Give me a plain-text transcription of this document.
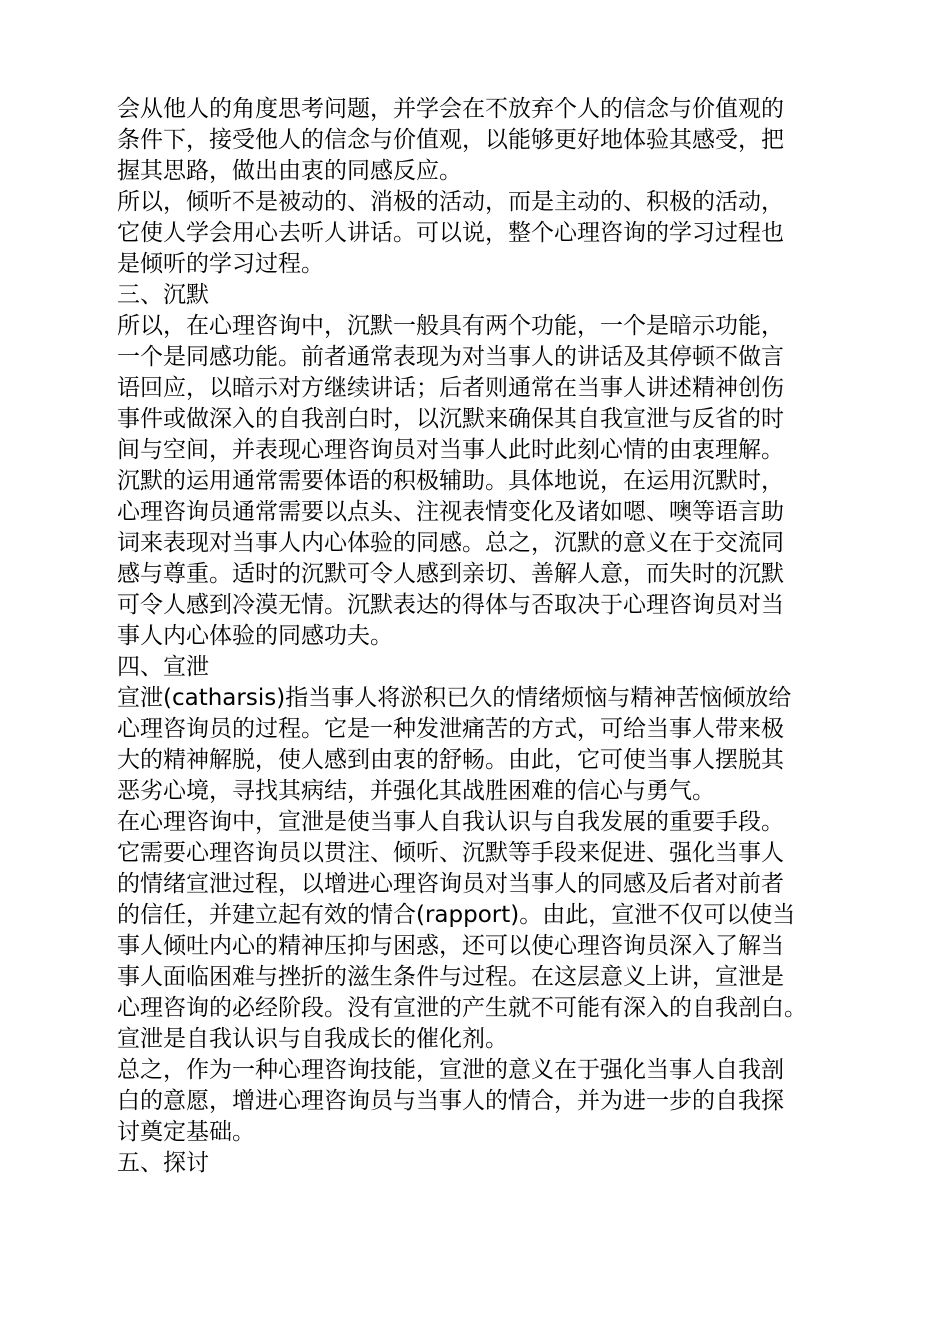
会从他人的角度思考问题，并学会在不放弃个人的信念与价值观的
条件下，接受他人的信念与价值观，以能够更好地体验其感受，把
握其思路，做出由衷的同感反应。
所以，倾听不是被动的、消极的活动，而是主动的、积极的活动，
它使人学会用心去听人讲话。可以说，整个心理咨询的学习过程也
是倾听的学习过程。
三、沉默
所以，在心理咨询中，沉默一般具有两个功能，一个是暗示功能，
一个是同感功能。前者通常表现为对当事人的讲话及其停顿不做言
语回应，以暗示对方继续讲话；后者则通常在当事人讲述精神创伤
事件或做深入的自我剖白时，以沉默来确保其自我宣泄与反省的时
间与空间，并表现心理咨询员对当事人此时此刻心情的由衷理解。
沉默的运用通常需要体语的积极辅助。具体地说，在运用沉默时，
心理咨询员通常需要以点头、注视表情变化及诸如嗯、噢等语言助
词来表现对当事人内心体验的同感。总之，沉默的意义在于交流同
感与尊重。适时的沉默可令人感到亲切、善解人意，而失时的沉默
可令人感到冷漠无情。沉默表达的得体与否取决于心理咨询员对当
事人内心体验的同感功夫。
四、宣泄
宣泄(catharsis)指当事人将淤积已久的情绪烦恼与精神苦恼倾放给
心理咨询员的过程。它是一种发泄痛苦的方式，可给当事人带来极
大的精神解脱，使人感到由衷的舒畅。由此，它可使当事人摆脱其
恶劣心境，寻找其病结，并强化其战胜困难的信心与勇气。
在心理咨询中，宣泄是使当事人自我认识与自我发展的重要手段。
它需要心理咨询员以贯注、倾听、沉默等手段来促进、强化当事人
的情绪宣泄过程，以增进心理咨询员对当事人的同感及后者对前者
的信任，并建立起有效的情合(rapport)。由此，宣泄不仅可以使当
事人倾吐内心的精神压抑与困惑，还可以使心理咨询员深入了解当
事人面临困难与挫折的滋生条件与过程。在这层意义上讲，宣泄是
心理咨询的必经阶段。没有宣泄的产生就不可能有深入的自我剖白。
宣泄是自我认识与自我成长的催化剂。
总之，作为一种心理咨询技能，宣泄的意义在于强化当事人自我剖
白的意愿，增进心理咨询员与当事人的情合，并为进一步的自我探
讨奠定基础。
五、探讨
